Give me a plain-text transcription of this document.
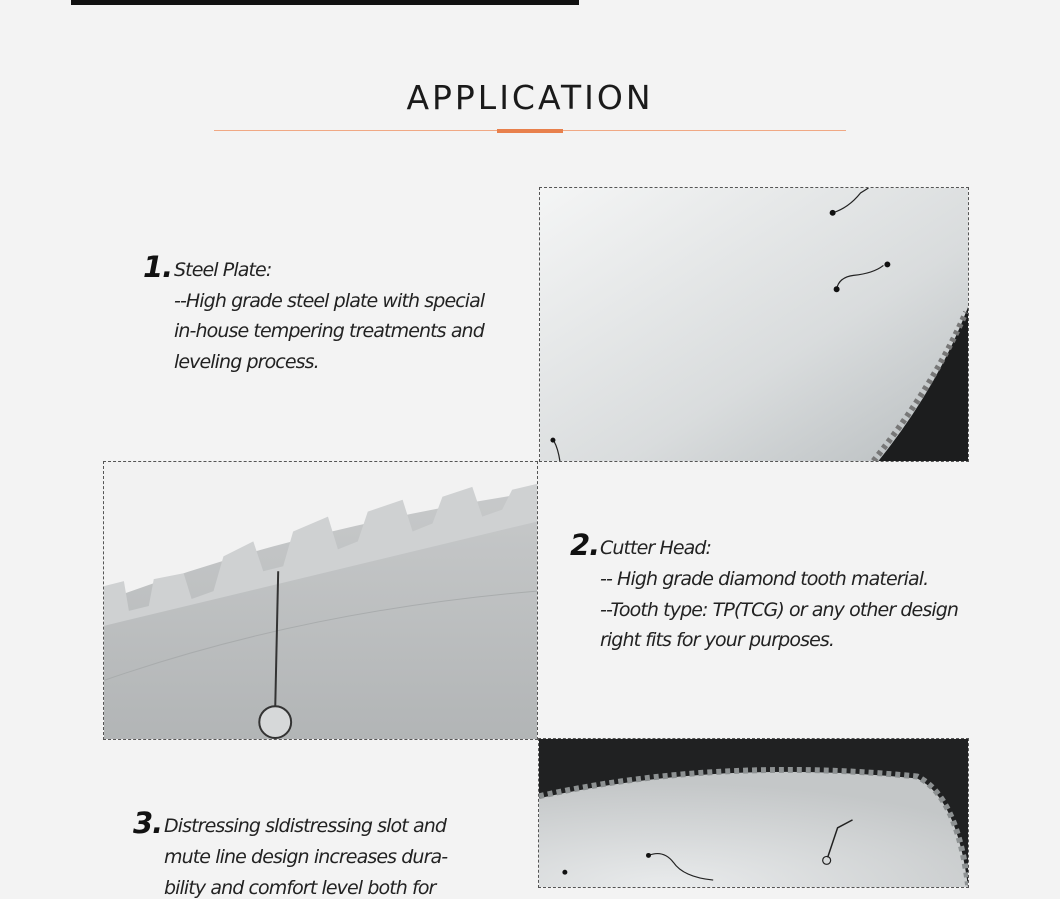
APPLICATION
1. Steel Plate:
--High grade steel plate with special
in-house tempering treatments and
leveling process.
2. Cutter Head:
-- High grade diamond tooth material.
--Tooth type: TP(TCG) or any other design
right fits for your purposes.
3. Distressing sldistressing slot and
mute line design increases dura-
bility and comfort level both for
